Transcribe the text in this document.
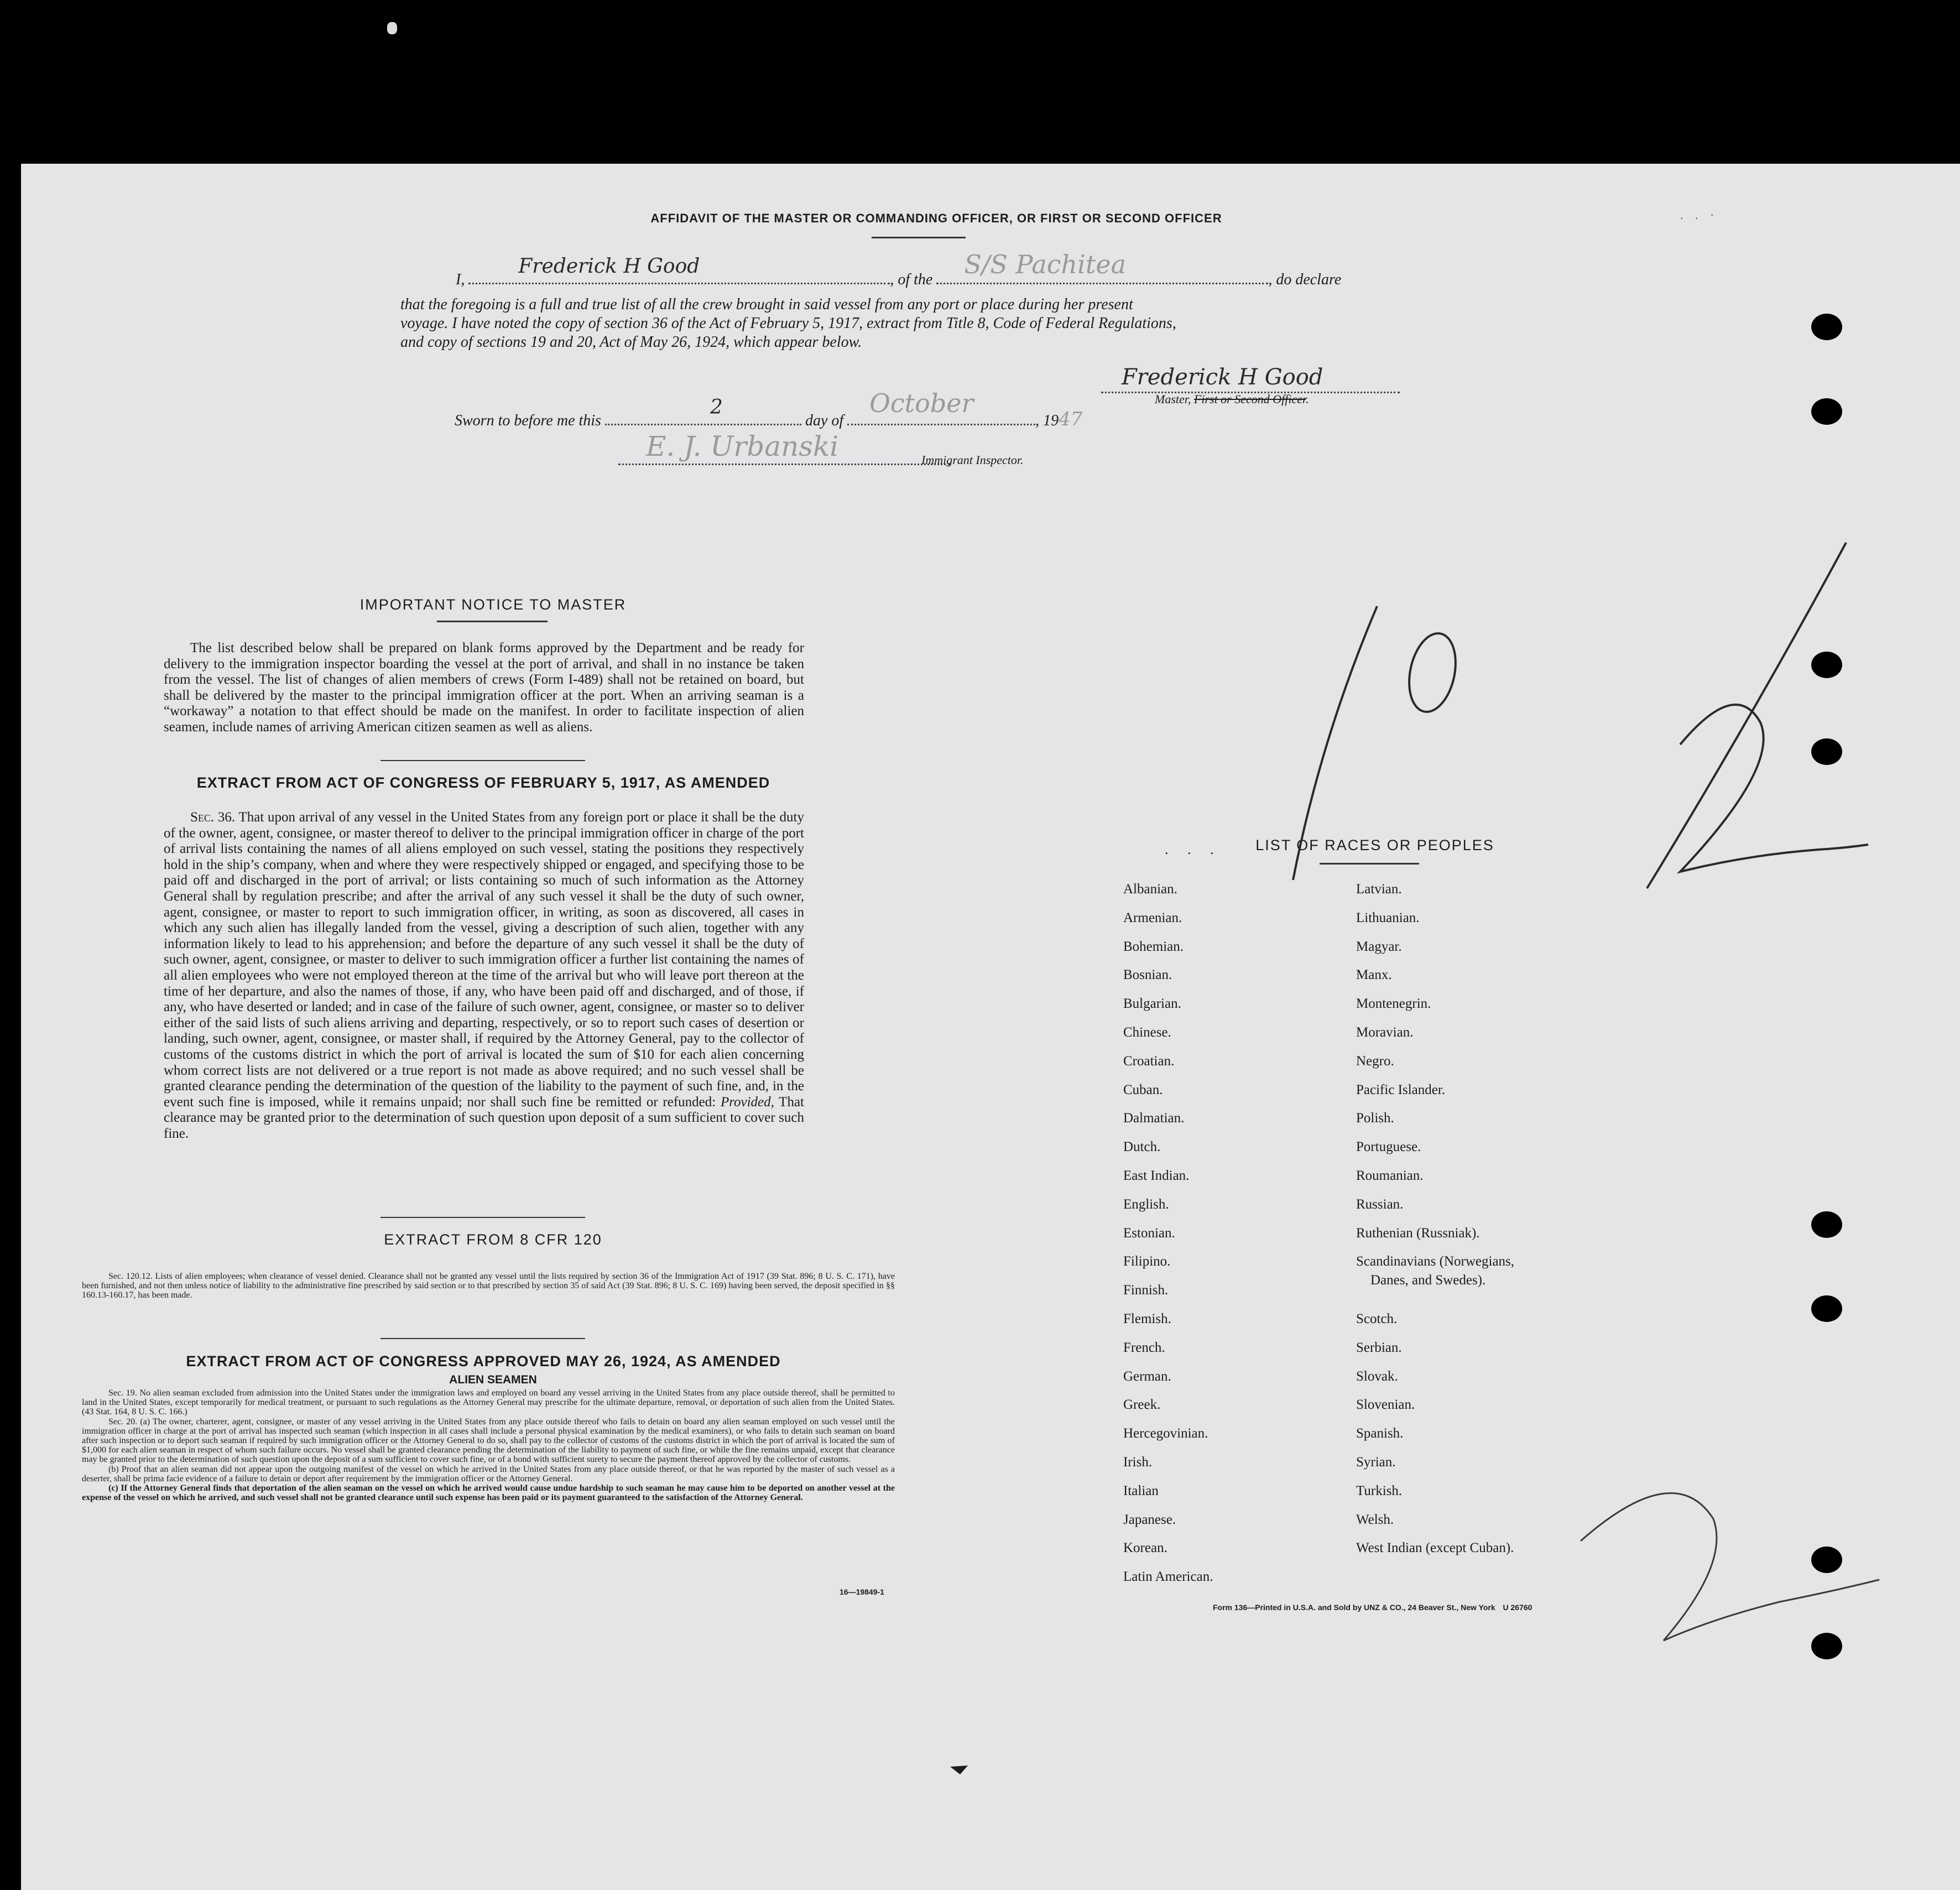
AFFIDAVIT OF THE MASTER OR COMMANDING OFFICER, OR FIRST OR SECOND OFFICER
I,
Frederick H Good
, of the
S/S Pachitea
, do declare
that the foregoing is a full and true list of all the crew brought in said vessel from any port or place during her present
voyage. I have noted the copy of section 36 of the Act of February 5, 1917, extract from Title 8, Code of Federal Regulations,
and copy of sections 19 and 20, Act of May 26, 1924, which appear below.
Frederick H Good
Master, First or Second Officer.
Sworn to before me this
2
day of
October
, 1947
E. J. Urbanski	Immigrant Inspector.
IMPORTANT NOTICE TO MASTER

The list described below shall be prepared on blank forms approved by the Department and be ready for delivery to the immigration inspector boarding the vessel at the port of arrival, and shall in no instance be taken from the vessel. The list of changes of alien members of crews (Form I-489) shall not be retained on board, but shall be delivered by the master to the principal immigration officer at the port. When an arriving seaman is a “workaway” a notation to that effect should be made on the manifest. In order to facilitate inspection of alien seamen, include names of arriving American citizen seamen as well as aliens.

EXTRACT FROM ACT OF CONGRESS OF FEBRUARY 5, 1917, AS AMENDED

Sec. 36. That upon arrival of any vessel in the United States from any foreign port or place it shall be the duty of the owner, agent, consignee, or master thereof to deliver to the principal immigration officer in charge of the port of arrival lists containing the names of all aliens employed on such vessel, stating the positions they respectively hold in the ship’s company, when and where they were respectively shipped or engaged, and specifying those to be paid off and discharged in the port of arrival; or lists containing so much of such information as the Attorney General shall by regulation prescribe; and after the arrival of any such vessel it shall be the duty of such owner, agent, consignee, or master to report to such immigration officer, in writing, as soon as discovered, all cases in which any such alien has illegally landed from the vessel, giving a description of such alien, together with any information likely to lead to his apprehension; and before the departure of any such vessel it shall be the duty of such owner, agent, consignee, or master to deliver to such immigration officer a further list containing the names of all alien employees who were not employed thereon at the time of the arrival but who will leave port thereon at the time of her departure, and also the names of those, if any, who have been paid off and discharged, and of those, if any, who have deserted or landed; and in case of the failure of such owner, agent, consignee, or master so to deliver either of the said lists of such aliens arriving and departing, respectively, or so to report such cases of desertion or landing, such owner, agent, consignee, or master shall, if required by the Attorney General, pay to the collector of customs of the customs district in which the port of arrival is located the sum of $10 for each alien concerning whom correct lists are not delivered or a true report is not made as above required; and no such vessel shall be granted clearance pending the determination of the question of the liability to the payment of such fine, and, in the event such fine is imposed, while it remains unpaid; nor shall such fine be remitted or refunded: Provided, That clearance may be granted prior to the determination of such question upon deposit of a sum sufficient to cover such fine.

EXTRACT FROM 8 CFR 120

Sec. 120.12. Lists of alien employees; when clearance of vessel denied. Clearance shall not be granted any vessel until the lists required by section 36 of the Immigration Act of 1917 (39 Stat. 896; 8 U. S. C. 171), have been furnished, and not then unless notice of liability to the administrative fine prescribed by said section or to that prescribed by section 35 of said Act (39 Stat. 896; 8 U. S. C. 169) having been served, the deposit specified in §§ 160.13-160.17, has been made.

EXTRACT FROM ACT OF CONGRESS APPROVED MAY 26, 1924, AS AMENDED
ALIEN SEAMEN

Sec. 19. No alien seaman excluded from admission into the United States under the immigration laws and employed on board any vessel arriving in the United States from any place outside thereof, shall be permitted to land in the United States, except temporarily for medical treatment, or pursuant to such regulations as the Attorney General may prescribe for the ultimate departure, removal, or deportation of such alien from the United States. (43 Stat. 164, 8 U. S. C. 166.)

Sec. 20. (a) The owner, charterer, agent, consignee, or master of any vessel arriving in the United States from any place outside thereof who fails to detain on board any alien seaman employed on such vessel until the immigration officer in charge at the port of arrival has inspected such seaman (which inspection in all cases shall include a personal physical examination by the medical examiners), or who fails to detain such seaman on board after such inspection or to deport such seaman if required by such immigration officer or the Attorney General to do so, shall pay to the collector of customs of the customs district in which the port of arrival is located the sum of $1,000 for each alien seaman in respect of whom such failure occurs. No vessel shall be granted clearance pending the determination of the liability to payment of such fine, or while the fine remains unpaid, except that clearance may be granted prior to the determination of such question upon the deposit of a sum sufficient to cover such fine, or of a bond with sufficient surety to secure the payment thereof approved by the collector of customs.

(b) Proof that an alien seaman did not appear upon the outgoing manifest of the vessel on which he arrived in the United States from any place outside thereof, or that he was reported by the master of such vessel as a deserter, shall be prima facie evidence of a failure to detain or deport after requirement by the immigration officer or the Attorney General.

(c) If the Attorney General finds that deportation of the alien seaman on the vessel on which he arrived would cause undue hardship to such seaman he may cause him to be deported on another vessel at the expense of the vessel on which he arrived, and such vessel shall not be granted clearance until such expense has been paid or its payment guaranteed to the satisfaction of the Attorney General.

16—19849-1
. . .	LIST OF RACES OR PEOPLES
Albanian.
Armenian.
Bohemian.
Bosnian.
Bulgarian.
Chinese.
Croatian.
Cuban.
Dalmatian.
Dutch.
East Indian.
English.
Estonian.
Filipino.
Finnish.
Flemish.
French.
German.
Greek.
Hercegovinian.
Irish.
Italian
Japanese.
Korean.
Latin American.
Latvian.
Lithuanian.
Magyar.
Manx.
Montenegrin.
Moravian.
Negro.
Pacific Islander.
Polish.
Portuguese.
Roumanian.
Russian.
Ruthenian (Russniak).
Scandinavians (Norwegians,
Danes, and Swedes).
Scotch.
Serbian.
Slovak.
Slovenian.
Spanish.
Syrian.
Turkish.
Welsh.
West Indian (except Cuban).
Form 136—Printed in U.S.A. and Sold by UNZ & CO., 24 Beaver St., New York U 26760
. . ·
